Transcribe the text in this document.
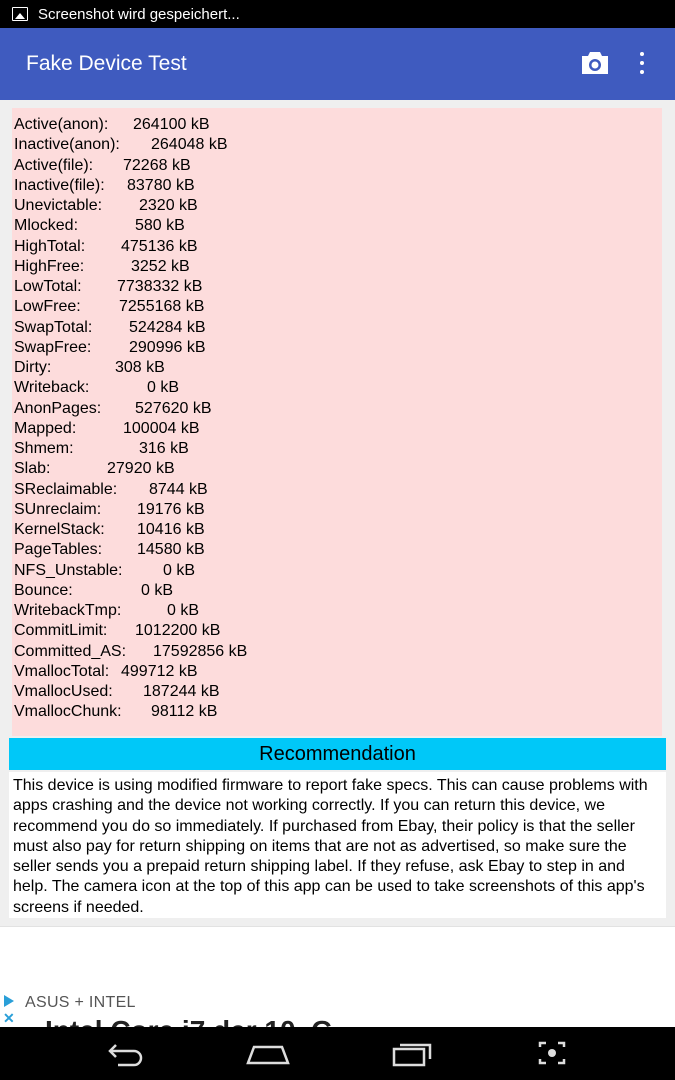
Screenshot wird gespeichert...
Fake Device Test
Active(anon): 264100 kB
Inactive(anon): 264048 kB
Active(file): 72268 kB
Inactive(file): 83780 kB
Unevictable: 2320 kB
Mlocked:	580 kB
HighTotal: 475136 kB
HighFree:	3252 kB
LowTotal: 7738332 kB
LowFree: 7255168 kB
SwapTotal: 524284 kB
SwapFree: 290996 kB
Dirty:	308 kB
Writeback:	0 kB
AnonPages: 527620 kB
Mapped:	100004 kB
Shmem:	316 kB
Slab:	27920 kB
SReclaimable: 8744 kB
SUnreclaim: 19176 kB
KernelStack: 10416 kB
PageTables: 14580 kB
NFS_Unstable:	0 kB
Bounce:	0 kB
WritebackTmp:	0 kB
CommitLimit: 1012200 kB
Committed_AS: 17592856 kB
VmallocTotal: 499712 kB
VmallocUsed: 187244 kB
VmallocChunk: 98112 kB
Recommendation
This device is using modified firmware to report fake specs. This can cause problems with apps crashing and the device not working correctly. If you can return this device, we recommend you do so immediately. If purchased from Ebay, their policy is that the seller must also pay for return shipping on items that are not as advertised, so make sure the seller sends you a prepaid return shipping label. If they refuse, ask Ebay to step in and help. The camera icon at the top of this app can be used to take screenshots of this app's screens if needed.
✕
ASUS + INTEL
